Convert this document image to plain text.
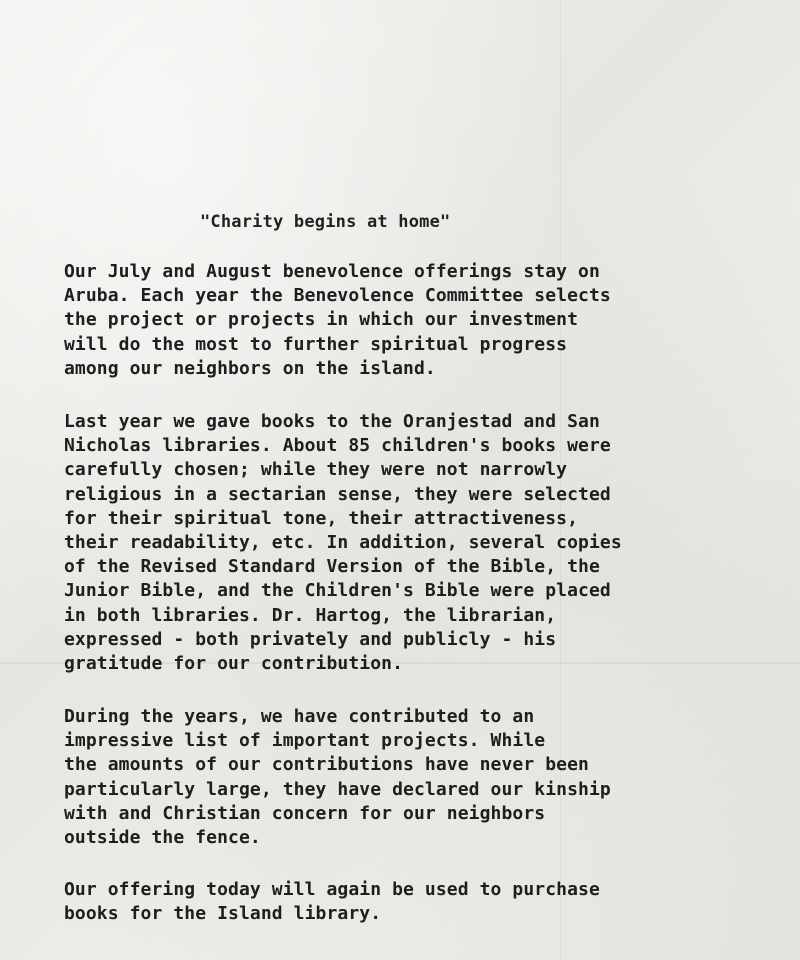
"Charity begins at home"
Our July and August benevolence offerings stay on
Aruba. Each year the Benevolence Committee selects
the project or projects in which our investment
will do the most to further spiritual progress
among our neighbors on the island.
Last year we gave books to the Oranjestad and San
Nicholas libraries. About 85 children's books were
carefully chosen; while they were not narrowly
religious in a sectarian sense, they were selected
for their spiritual tone, their attractiveness,
their readability, etc. In addition, several copies
of the Revised Standard Version of the Bible, the
Junior Bible, and the Children's Bible were placed
in both libraries. Dr. Hartog, the librarian,
expressed - both privately and publicly - his
gratitude for our contribution.
During the years, we have contributed to an
impressive list of important projects. While
the amounts of our contributions have never been
particularly large, they have declared our kinship
with and Christian concern for our neighbors
outside the fence.
Our offering today will again be used to purchase
books for the Island library.
